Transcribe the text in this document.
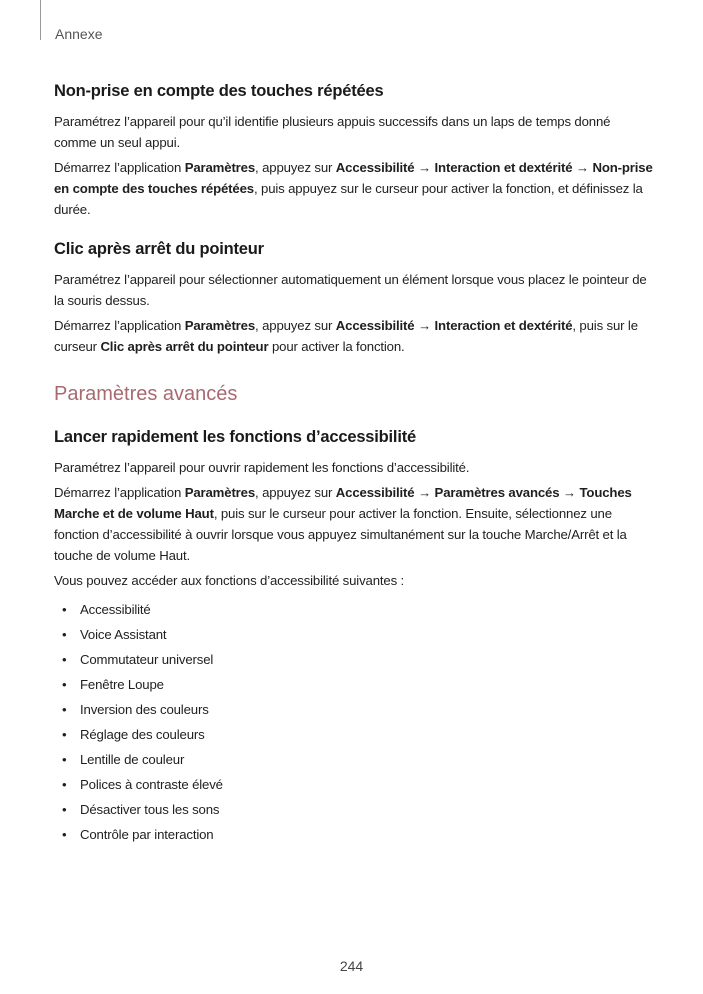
Annexe
Non-prise en compte des touches répétées

Paramétrez l’appareil pour qu’il identifie plusieurs appuis successifs dans un laps de temps donné comme un seul appui.

Démarrez l’application Paramètres, appuyez sur Accessibilité → Interaction et dextérité → Non-prise en compte des touches répétées, puis appuyez sur le curseur pour activer la fonction, et définissez la durée.

Clic après arrêt du pointeur

Paramétrez l’appareil pour sélectionner automatiquement un élément lorsque vous placez le pointeur de la souris dessus.

Démarrez l’application Paramètres, appuyez sur Accessibilité → Interaction et dextérité, puis sur le curseur Clic après arrêt du pointeur pour activer la fonction.

Paramètres avancés
Lancer rapidement les fonctions d’accessibilité

Paramétrez l’appareil pour ouvrir rapidement les fonctions d’accessibilité.

Démarrez l’application Paramètres, appuyez sur Accessibilité → Paramètres avancés → Touches Marche et de volume Haut, puis sur le curseur pour activer la fonction. Ensuite, sélectionnez une fonction d’accessibilité à ouvrir lorsque vous appuyez simultanément sur la touche Marche/Arrêt et la touche de volume Haut.

Vous pouvez accéder aux fonctions d’accessibilité suivantes :

• Accessibilité
• Voice Assistant
• Commutateur universel
• Fenêtre Loupe
• Inversion des couleurs
• Réglage des couleurs
• Lentille de couleur
• Polices à contraste élevé
• Désactiver tous les sons
• Contrôle par interaction
244
